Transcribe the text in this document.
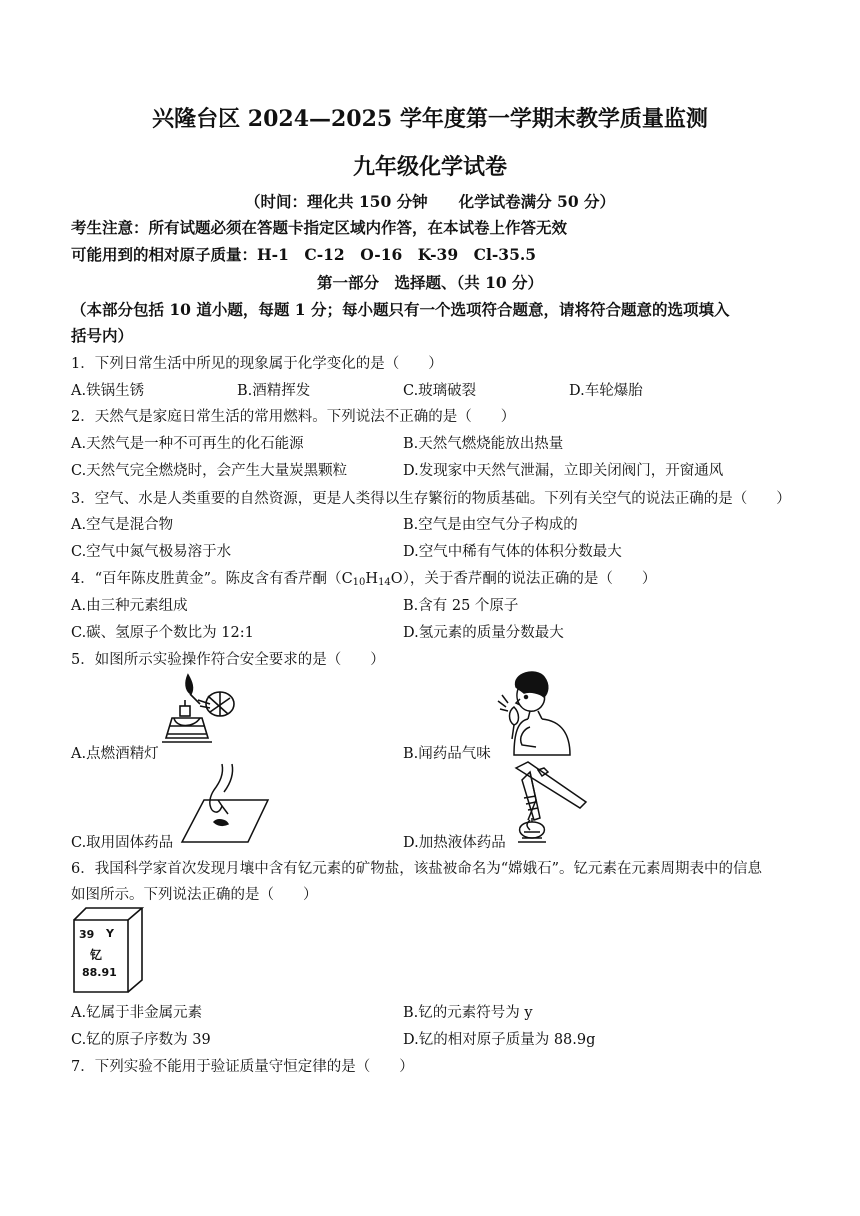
兴隆台区 2024—2025 学年度第一学期末教学质量监测
九年级化学试卷
（时间：理化共 150 分钟　　化学试卷满分 50 分）
考生注意：所有试题必须在答题卡指定区域内作答，在本试卷上作答无效
可能用到的相对原子质量：H-1　C-12　O-16　K-39　Cl-35.5
第一部分　选择题、（共 10 分）
（本部分包括 10 道小题，每题 1 分；每小题只有一个选项符合题意，请将符合题意的选项填入
括号内）
1．下列日常生活中所见的现象属于化学变化的是（　　）
A.铁锅生锈	B.酒精挥发	C.玻璃破裂	D.车轮爆胎
2．天然气是家庭日常生活的常用燃料。下列说法不正确的是（　　）
A.天然气是一种不可再生的化石能源	B.天然气燃烧能放出热量
C.天然气完全燃烧时，会产生大量炭黑颗粒	D.发现家中天然气泄漏，立即关闭阀门，开窗通风
3．空气、水是人类重要的自然资源，更是人类得以生存繁衍的物质基础。下列有关空气的说法正确的是（　　）
A.空气是混合物	B.空气是由空气分子构成的
C.空气中氮气极易溶于水	D.空气中稀有气体的体积分数最大
4．“百年陈皮胜黄金”。陈皮含有香芹酮$(C_{10}H_{14}O)$，关于香芹酮的说法正确的是（　　）
A.由三种元素组成	B.含有 25 个原子
C.碳、氢原子个数比为 12:1	D.氢元素的质量分数最大
5．如图所示实验操作符合安全要求的是（　　）
A.点燃酒精灯	B.闻药品气味
C.取用固体药品	D.加热液体药品
6．我国科学家首次发现月壤中含有钇元素的矿物盐，该盐被命名为“嫦娥石”。钇元素在元素周期表中的信息
如图所示。下列说法正确的是（　　）
39 Y
钇
88.91
A.钇属于非金属元素	B.钇的元素符号为 y
C.钇的原子序数为 39	D.钇的相对原子质量为 88.9g
7．下列实验不能用于验证质量守恒定律的是（　　）
